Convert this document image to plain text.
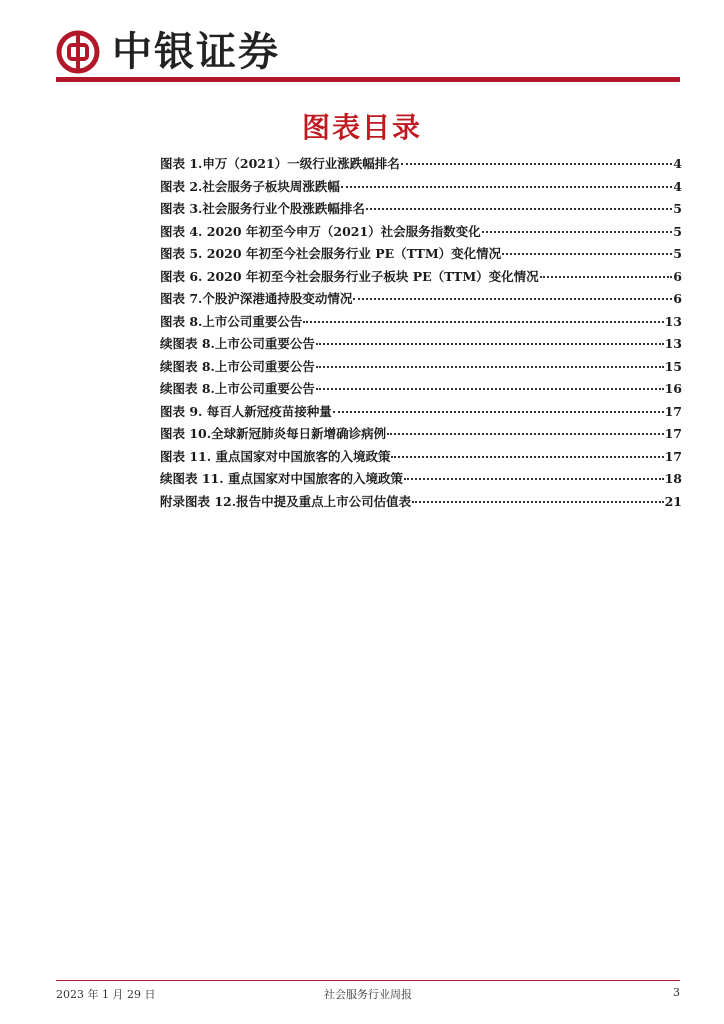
中银证券
图表目录
图表 1.申万（2021）一级行业涨跌幅排名	4
图表 2.社会服务子板块周涨跌幅	4
图表 3.社会服务行业个股涨跌幅排名	5
图表 4. 2020 年初至今申万（2021）社会服务指数变化	5
图表 5. 2020 年初至今社会服务行业 PE（TTM）变化情况	5
图表 6. 2020 年初至今社会服务行业子板块 PE（TTM）变化情况	6
图表 7.个股沪深港通持股变动情况	6
图表 8.上市公司重要公告	13
续图表 8.上市公司重要公告	13
续图表 8.上市公司重要公告	15
续图表 8.上市公司重要公告	16
图表 9. 每百人新冠疫苗接种量	17
图表 10.全球新冠肺炎每日新增确诊病例	17
图表 11. 重点国家对中国旅客的入境政策	17
续图表 11. 重点国家对中国旅客的入境政策	18
附录图表 12.报告中提及重点上市公司估值表	21
2023 年 1 月 29 日	社会服务行业周报	3
